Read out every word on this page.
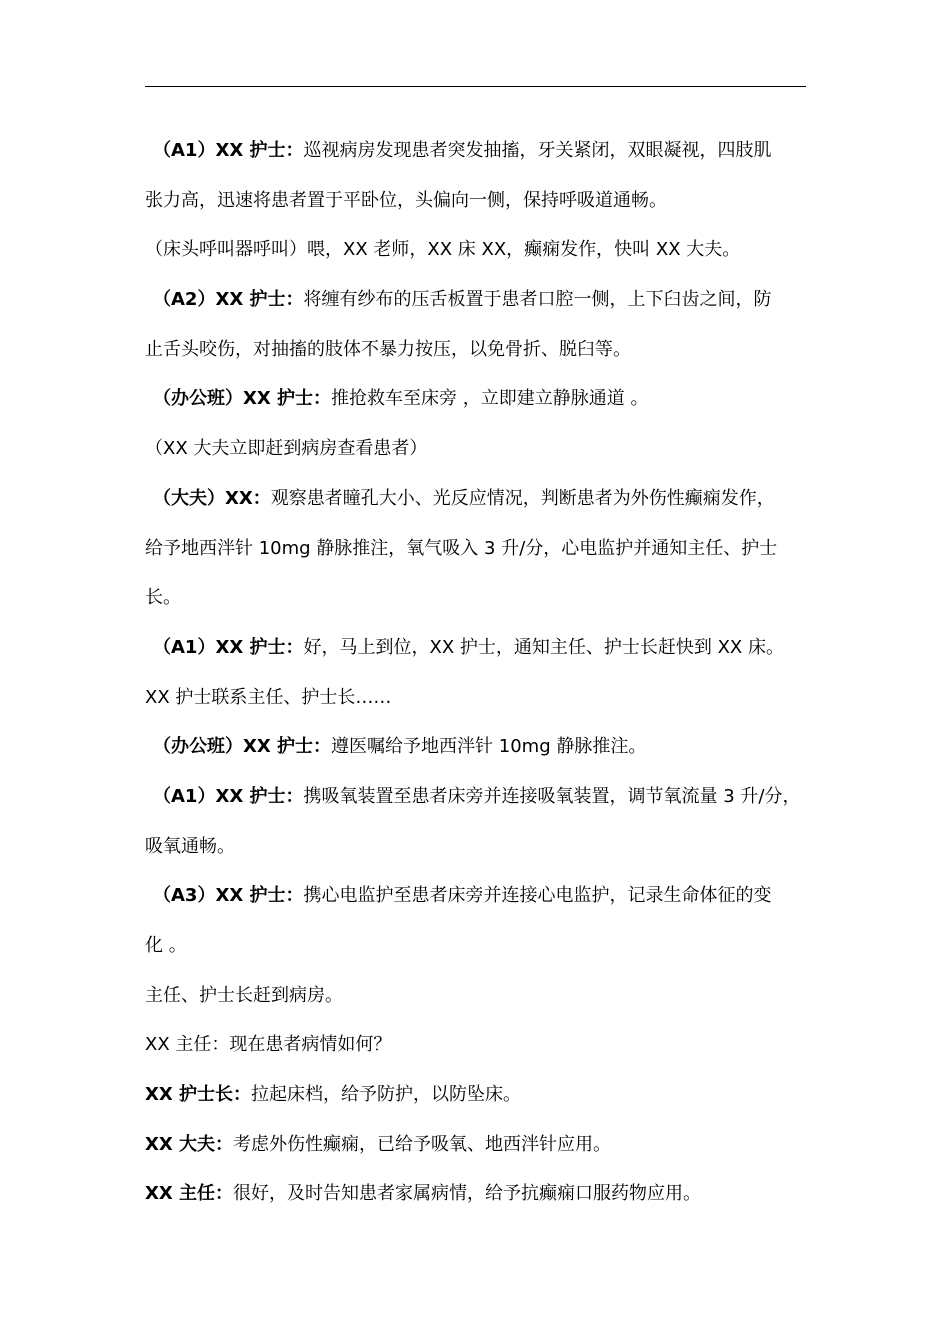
（A1）XX 护士：巡视病房发现患者突发抽搐，牙关紧闭，双眼凝视，四肢肌
张力高，迅速将患者置于平卧位，头偏向一侧，保持呼吸道通畅。
（床头呼叫器呼叫）喂，XX 老师，XX 床 XX，癫痫发作，快叫 XX 大夫。
（A2）XX 护士：将缠有纱布的压舌板置于患者口腔一侧，上下臼齿之间，防
止舌头咬伤，对抽搐的肢体不暴力按压，以免骨折、脱臼等。
（办公班）XX 护士：推抢救车至床旁 ，立即建立静脉通道 。
（XX 大夫立即赶到病房查看患者）
（大夫）XX：观察患者瞳孔大小、光反应情况，判断患者为外伤性癫痫发作，
给予地西泮针 10mg 静脉推注，氧气吸入 3 升/分，心电监护并通知主任、护士
长。
（A1）XX 护士：好，马上到位，XX 护士，通知主任、护士长赶快到 XX 床。
XX 护士联系主任、护士长……
（办公班）XX 护士：遵医嘱给予地西泮针 10mg 静脉推注。
（A1）XX 护士：携吸氧装置至患者床旁并连接吸氧装置，调节氧流量 3 升/分，
吸氧通畅。
（A3）XX 护士：携心电监护至患者床旁并连接心电监护，记录生命体征的变
化 。
主任、护士长赶到病房。
XX 主任：现在患者病情如何？
XX 护士长：拉起床档，给予防护，以防坠床。
XX 大夫：考虑外伤性癫痫，已给予吸氧、地西泮针应用。
XX 主任：很好，及时告知患者家属病情，给予抗癫痫口服药物应用。
